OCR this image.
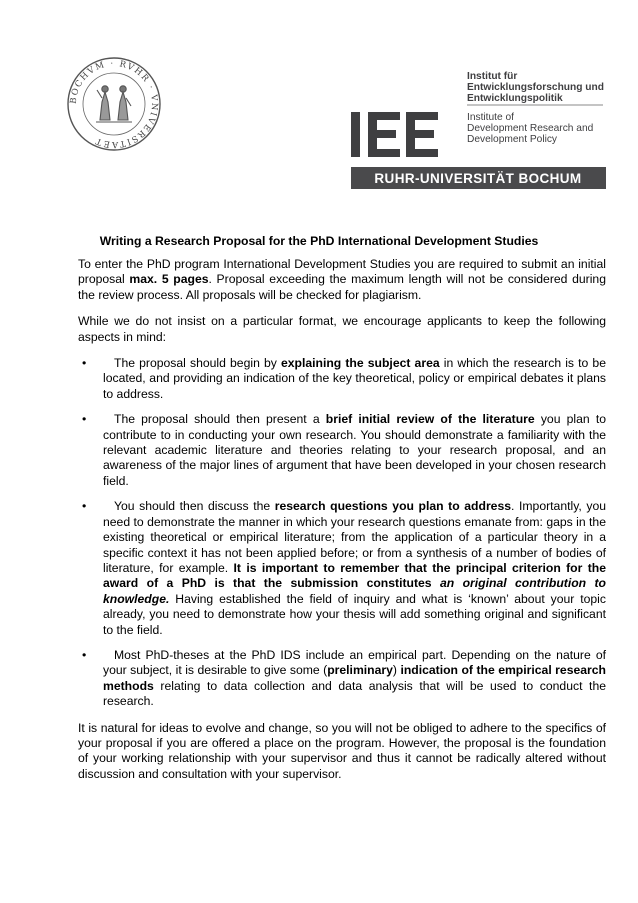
BOCHVM · RVHR · VNIVERSITAET
Institut für
Entwicklungsforschung und
Entwicklungspolitik
Institute of
Development Research and
Development Policy
RUHR-UNIVERSITÄT BOCHUM
Writing a Research Proposal for the PhD International Development Studies

To enter the PhD program International Development Studies you are required to submit an initial proposal max. 5 pages. Proposal exceeding the maximum length will not be considered during the review process. All proposals will be checked for plagiarism.

While we do not insist on a particular format, we encourage applicants to keep the following aspects in mind:

• The proposal should begin by explaining the subject area in which the research is to be located, and providing an indication of the key theoretical, policy or empirical debates it plans to address.
• The proposal should then present a brief initial review of the literature you plan to contribute to in conducting your own research. You should demonstrate a familiarity with the relevant academic literature and theories relating to your research proposal, and an awareness of the major lines of argument that have been developed in your chosen research field.
• You should then discuss the research questions you plan to address. Importantly, you need to demonstrate the manner in which your research questions emanate from: gaps in the existing theoretical or empirical literature; from the application of a particular theory in a specific context it has not been applied before; or from a synthesis of a number of bodies of literature, for example. It is important to remember that the principal criterion for the award of a PhD is that the submission constitutes an original contribution to knowledge. Having established the field of inquiry and what is ‘known’ about your topic already, you need to demonstrate how your thesis will add something original and significant to the field.
• Most PhD-theses at the PhD IDS include an empirical part. Depending on the nature of your subject, it is desirable to give some (preliminary) indication of the empirical research methods relating to data collection and data analysis that will be used to conduct the research.

It is natural for ideas to evolve and change, so you will not be obliged to adhere to the specifics of your proposal if you are offered a place on the program. However, the proposal is the foundation of your working relationship with your supervisor and thus it cannot be radically altered without discussion and consultation with your supervisor.
